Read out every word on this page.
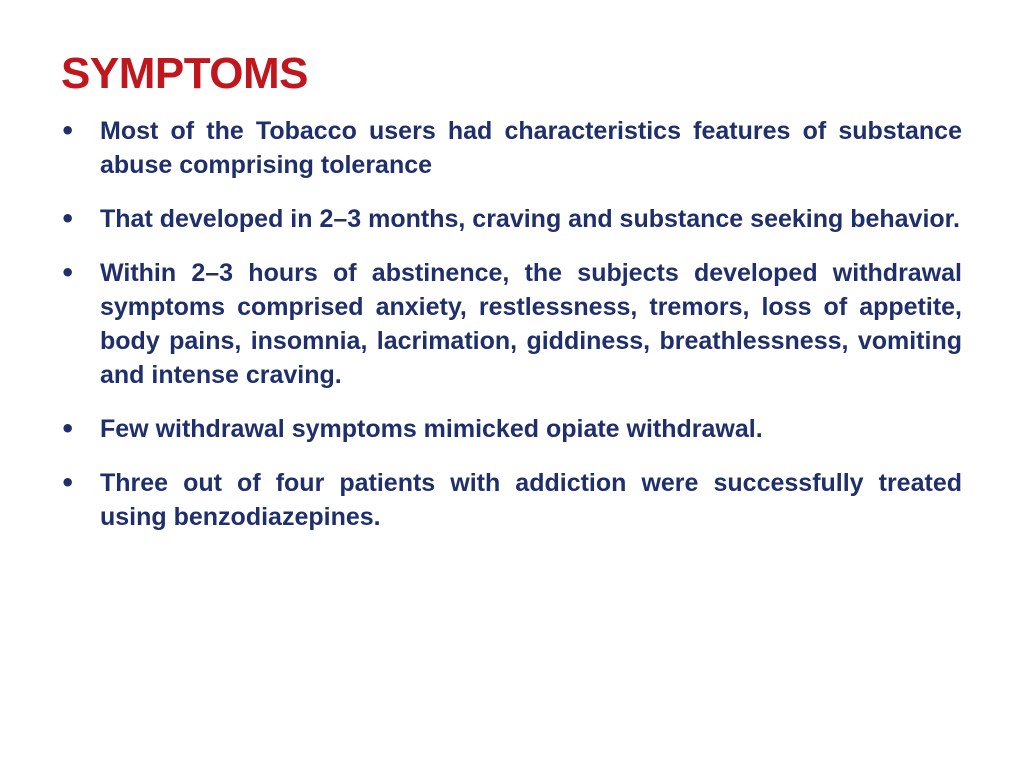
SYMPTOMS
• Most of the Tobacco users had characteristics features of substance abuse comprising tolerance
• That developed in 2–3 months, craving and substance seeking behavior.
• Within 2–3 hours of abstinence, the subjects developed withdrawal symptoms comprised anxiety, restlessness, tremors, loss of appetite, body pains, insomnia, lacrimation, giddiness, breathlessness, vomiting and intense craving.
• Few withdrawal symptoms mimicked opiate withdrawal.
• Three out of four patients with addiction were successfully treated using benzodiazepines.
